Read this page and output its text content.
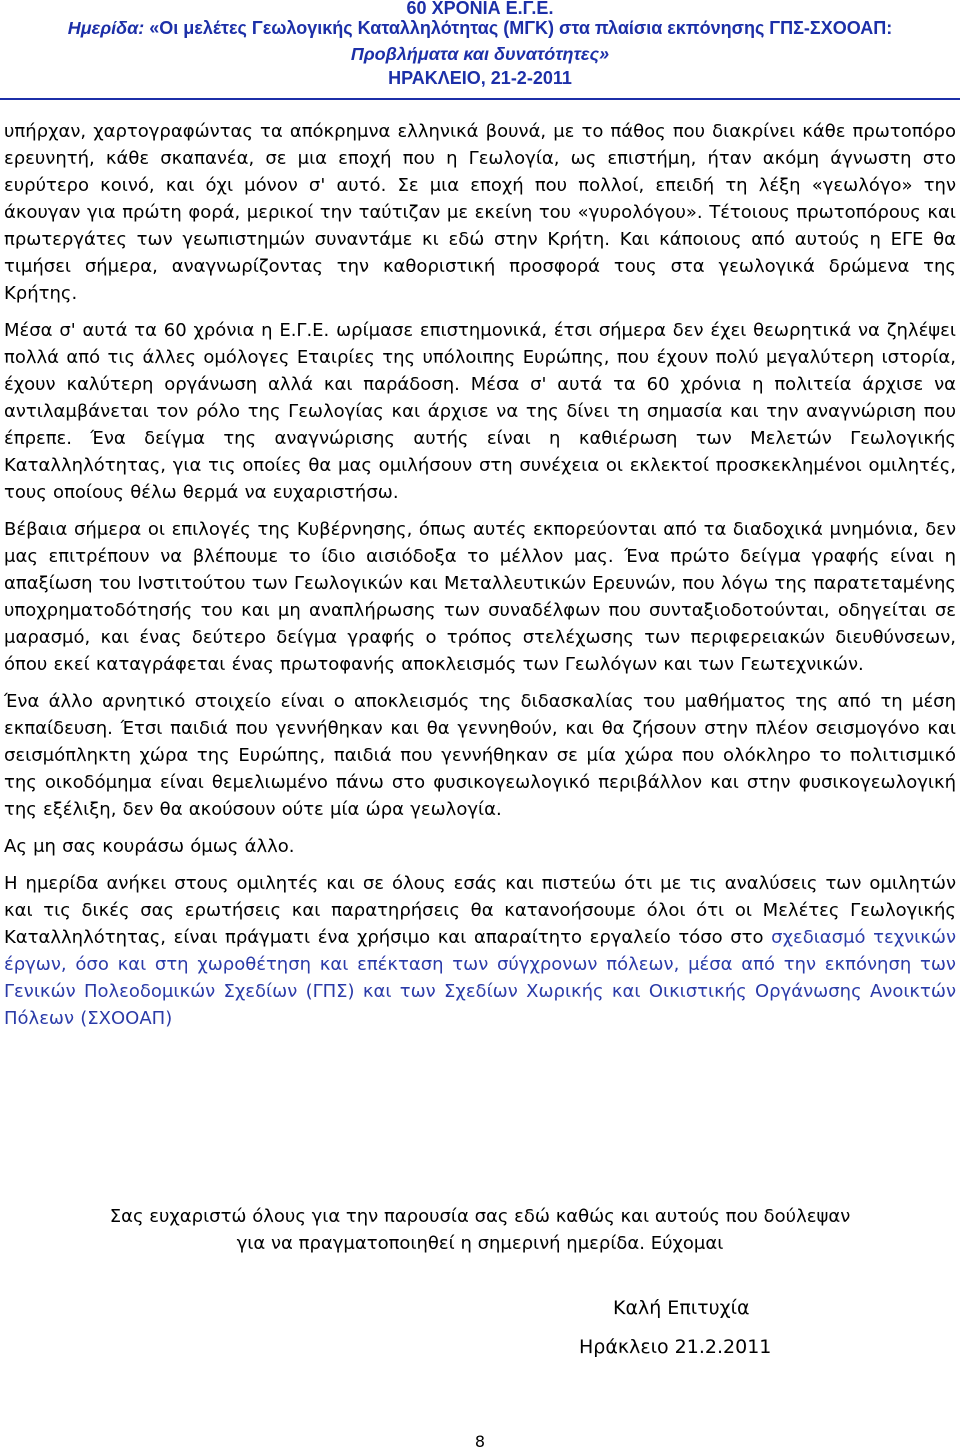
60 ΧΡΟΝΙΑ Ε.Γ.Ε.
Ημερίδα: «Οι μελέτες Γεωλογικής Καταλληλότητας (ΜΓΚ) στα πλαίσια εκπόνησης ΓΠΣ-ΣΧΟΟΑΠ:
Προβλήματα και δυνατότητες»
ΗΡΑΚΛΕΙΟ, 21-2-2011

υπήρχαν, χαρτογραφώντας τα απόκρημνα ελληνικά βουνά, με το πάθος που διακρίνει κάθε πρωτοπόρο ερευνητή, κάθε σκαπανέα, σε μια εποχή που η Γεωλογία, ως επιστήμη, ήταν ακόμη άγνωστη στο ευρύτερο κοινό, και όχι μόνον σ' αυτό. Σε μια εποχή που πολλοί, επειδή τη λέξη «γεωλόγο» την άκουγαν για πρώτη φορά, μερικοί την ταύτιζαν με εκείνη του «γυρολόγου». Τέτοιους πρωτοπόρους και πρωτεργάτες των γεωπιστημών συναντάμε κι εδώ στην Κρήτη. Και κάποιους από αυτούς η ΕΓΕ θα τιμήσει σήμερα, αναγνωρίζοντας την καθοριστική προσφορά τους στα γεωλογικά δρώμενα της Κρήτης.

Μέσα σ' αυτά τα 60 χρόνια η Ε.Γ.Ε. ωρίμασε επιστημονικά, έτσι σήμερα δεν έχει θεωρητικά να ζηλέψει πολλά από τις άλλες ομόλογες Εταιρίες της υπόλοιπης Ευρώπης, που έχουν πολύ μεγαλύτερη ιστορία, έχουν καλύτερη οργάνωση αλλά και παράδοση. Μέσα σ' αυτά τα 60 χρόνια η πολιτεία άρχισε να αντιλαμβάνεται τον ρόλο της Γεωλογίας και άρχισε να της δίνει τη σημασία και την αναγνώριση που έπρεπε. Ένα δείγμα της αναγνώρισης αυτής είναι η καθιέρωση των Μελετών Γεωλογικής Καταλληλότητας, για τις οποίες θα μας ομιλήσουν στη συνέχεια οι εκλεκτοί προσκεκλημένοι ομιλητές, τους οποίους θέλω θερμά να ευχαριστήσω.

Βέβαια σήμερα οι επιλογές της Κυβέρνησης, όπως αυτές εκπορεύονται από τα διαδοχικά μνημόνια, δεν μας επιτρέπουν να βλέπουμε το ίδιο αισιόδοξα το μέλλον μας. Ένα πρώτο δείγμα γραφής είναι η απαξίωση του Ινστιτούτου των Γεωλογικών και Μεταλλευτικών Ερευνών, που λόγω της παρατεταμένης υποχρηματοδότησής του και μη αναπλήρωσης των συναδέλφων που συνταξιοδοτούνται, οδηγείται σε μαρασμό, και ένας δεύτερο δείγμα γραφής ο τρόπος στελέχωσης των περιφερειακών διευθύνσεων, όπου εκεί καταγράφεται ένας πρωτοφανής αποκλεισμός των Γεωλόγων και των Γεωτεχνικών.

Ένα άλλο αρνητικό στοιχείο είναι ο αποκλεισμός της διδασκαλίας του μαθήματος της από τη μέση εκπαίδευση. Έτσι παιδιά που γεννήθηκαν και θα γεννηθούν, και θα ζήσουν στην πλέον σεισμογόνο και σεισμόπληκτη χώρα της Ευρώπης, παιδιά που γεννήθηκαν σε μία χώρα που ολόκληρο το πολιτισμικό της οικοδόμημα είναι θεμελιωμένο πάνω στο φυσικογεωλογικό περιβάλλον και στην φυσικογεωλογική της εξέλιξη, δεν θα ακούσουν ούτε μία ώρα γεωλογία.

Ας μη σας κουράσω όμως άλλο.

Η ημερίδα ανήκει στους ομιλητές και σε όλους εσάς και πιστεύω ότι με τις αναλύσεις των ομιλητών και τις δικές σας ερωτήσεις και παρατηρήσεις θα κατανοήσουμε όλοι ότι οι Μελέτες Γεωλογικής Καταλληλότητας, είναι πράγματι ένα χρήσιμο και απαραίτητο εργαλείο τόσο στο σχεδιασμό τεχνικών έργων, όσο και στη χωροθέτηση και επέκταση των σύγχρονων πόλεων, μέσα από την εκπόνηση των Γενικών Πολεοδομικών Σχεδίων (ΓΠΣ) και των Σχεδίων Χωρικής και Οικιστικής Οργάνωσης Ανοικτών Πόλεων (ΣΧΟΟΑΠ)

Σας ευχαριστώ όλους για την παρουσία σας εδώ καθώς και αυτούς που δούλεψαν
για να πραγματοποιηθεί η σημερινή ημερίδα. Εύχομαι
Καλή Επιτυχία
Ηράκλειο 21.2.2011
8
